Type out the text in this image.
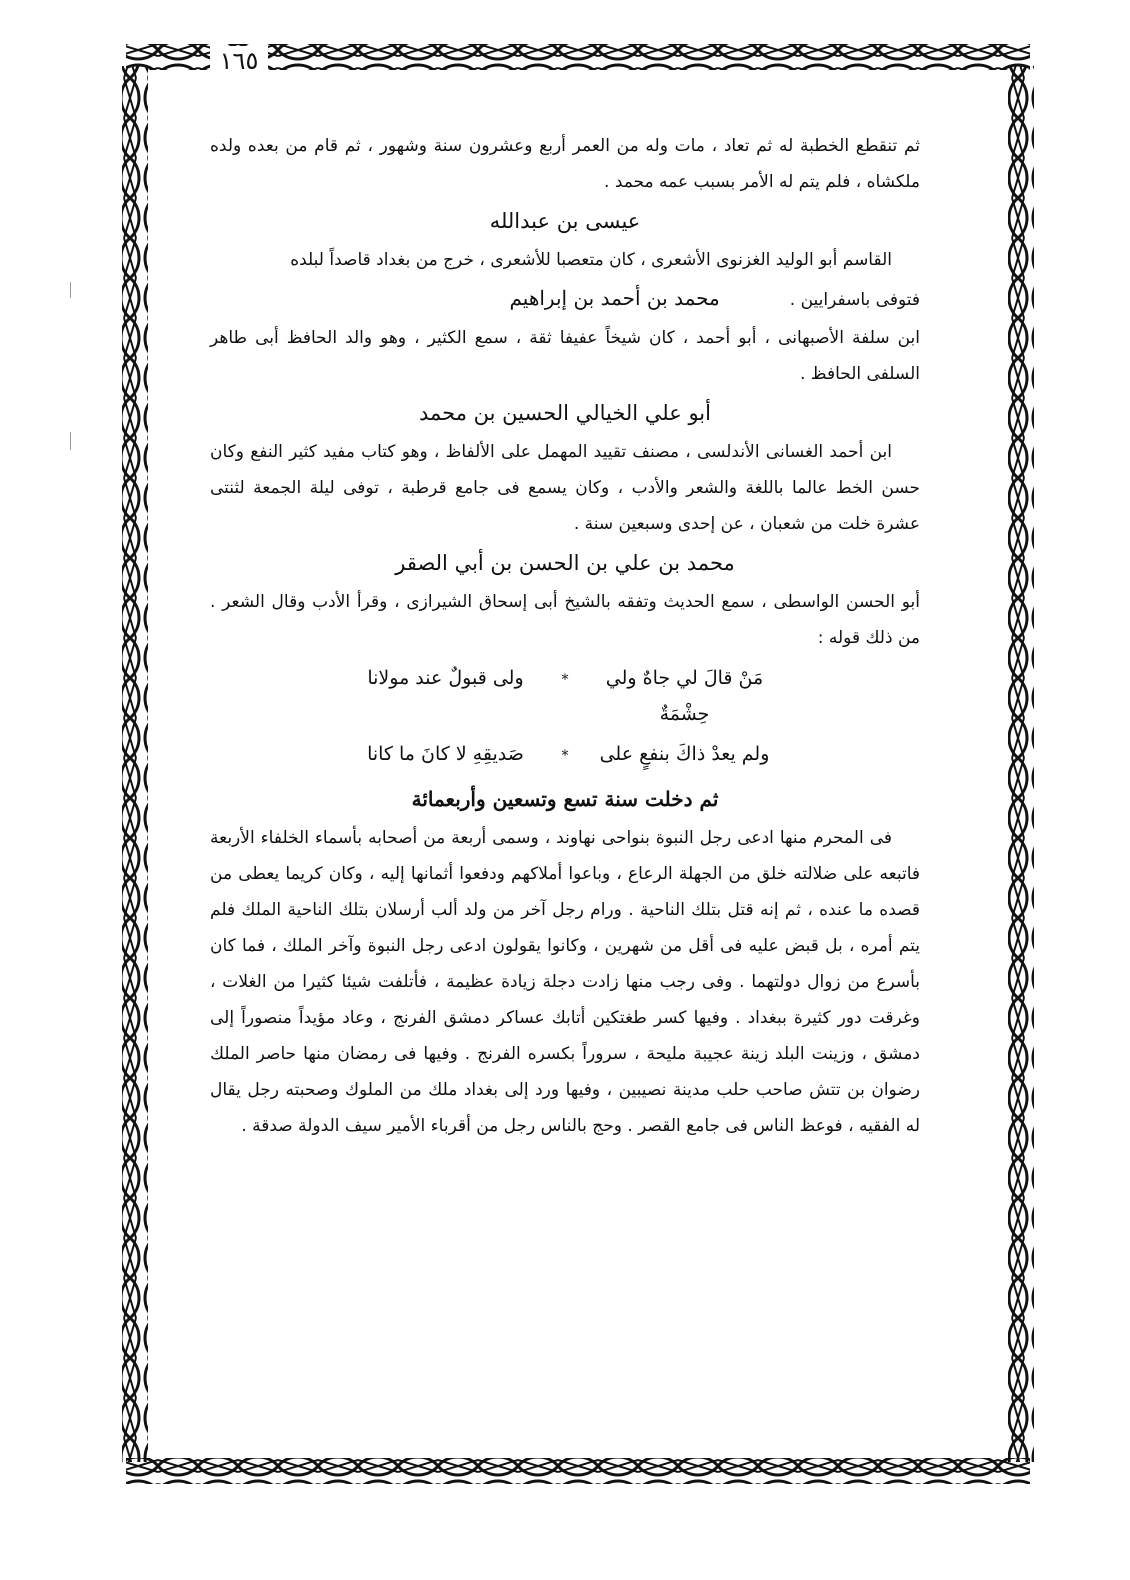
١٦٥

ثم تنقطع الخطبة له ثم تعاد ، مات وله من العمر أربع وعشرون سنة وشهور ، ثم قام من بعده ولده ملكشاه ، فلم يتم له الأمر بسبب عمه محمد .

عيسى بن عبدالله

القاسم أبو الوليد الغزنوى الأشعرى ، كان متعصبا للأشعرى ، خرج من بغداد قاصداً لبلده

فتوفى باسفرايين .
محمد بن أحمد بن إبراهيم

ابن سلفة الأصبهانى ، أبو أحمد ، كان شيخاً عفيفا ثقة ، سمع الكثير ، وهو والد الحافظ أبى طاهر السلفى الحافظ .

أبو علي الخيالي الحسين بن محمد

ابن أحمد الغسانى الأندلسى ، مصنف تقييد المهمل على الألفاظ ، وهو كتاب مفيد كثير النفع وكان حسن الخط عالما باللغة والشعر والأدب ، وكان يسمع فى جامع قرطبة ، توفى ليلة الجمعة لثنتى عشرة خلت من شعبان ، عن إحدى وسبعين سنة .

محمد بن علي بن الحسن بن أبي الصقر

أبو الحسن الواسطى ، سمع الحديث وتفقه بالشيخ أبى إسحاق الشيرازى ، وقرأ الأدب وقال الشعر . من ذلك قوله :

مَنْ قالَ لي جاهٌ ولي حِشْمَةٌ
*
ولى قبولٌ عند مولانا
ولم يعدْ ذاكَ بنفعٍ على
*
صَديقِهِ لا كانَ ما كانا

ثم دخلت سنة تسع وتسعين وأربعمائة

فى المحرم منها ادعى رجل النبوة بنواحى نهاوند ، وسمى أربعة من أصحابه بأسماء الخلفاء الأربعة فاتبعه على ضلالته خلق من الجهلة الرعاع ، وباعوا أملاكهم ودفعوا أثمانها إليه ، وكان كريما يعطى من قصده ما عنده ، ثم إنه قتل بتلك الناحية . ورام رجل آخر من ولد ألب أرسلان بتلك الناحية الملك فلم يتم أمره ، بل قبض عليه فى أقل من شهرين ، وكانوا يقولون ادعى رجل النبوة وآخر الملك ، فما كان بأسرع من زوال دولتهما . وفى رجب منها زادت دجلة زيادة عظيمة ، فأتلفت شيئا كثيرا من الغلات ، وغرقت دور كثيرة ببغداد . وفيها كسر طغتكين أتابك عساكر دمشق الفرنج ، وعاد مؤيداً منصوراً إلى دمشق ، وزينت البلد زينة عجيبة مليحة ، سروراً بكسره الفرنج . وفيها فى رمضان منها حاصر الملك رضوان بن تتش صاحب حلب مدينة نصيبين ، وفيها ورد إلى بغداد ملك من الملوك وصحبته رجل يقال له الفقيه ، فوعظ الناس فى جامع القصر . وحج بالناس رجل من أقرباء الأمير سيف الدولة صدقة .
